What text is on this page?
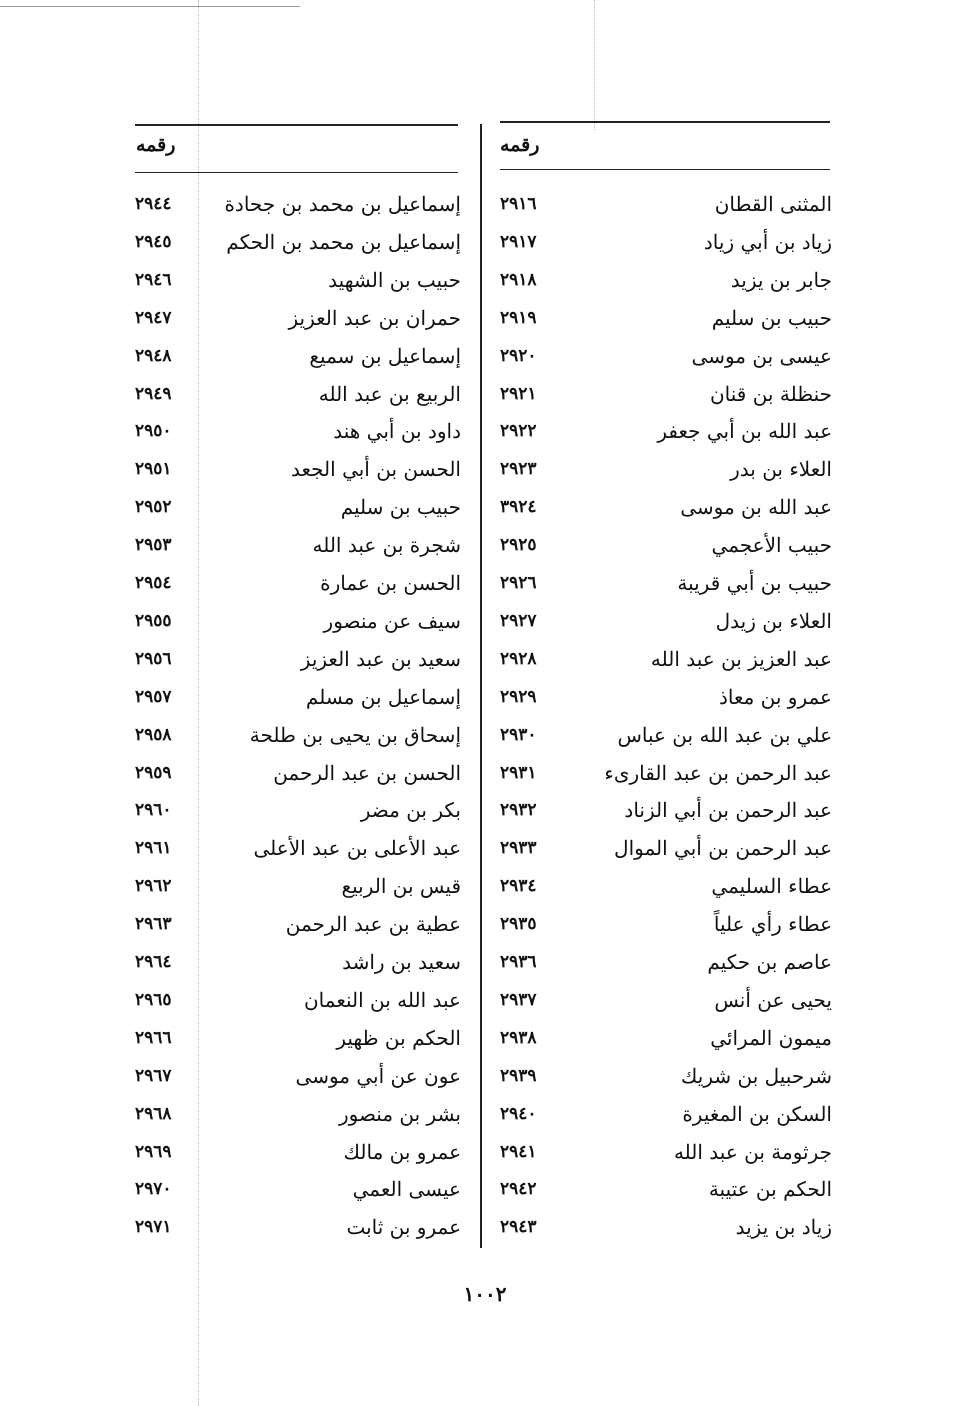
رقمه
رقمه
المثنى القطان
٢٩١٦
زياد بن أبي زياد
٢٩١٧
جابر بن يزيد
٢٩١٨
حبيب بن سليم
٢٩١٩
عيسى بن موسى
٢٩٢٠
حنظلة بن قنان
٢٩٢١
عبد الله بن أبي جعفر
٢٩٢٢
العلاء بن بدر
٢٩٢٣
عبد الله بن موسى
٣٩٢٤
حبيب الأعجمي
٢٩٢٥
حبيب بن أبي قريبة
٢٩٢٦
العلاء بن زيدل
٢٩٢٧
عبد العزيز بن عبد الله
٢٩٢٨
عمرو بن معاذ
٢٩٢٩
علي بن عبد الله بن عباس
٢٩٣٠
عبد الرحمن بن عبد القارىء
٢٩٣١
عبد الرحمن بن أبي الزناد
٢٩٣٢
عبد الرحمن بن أبي الموال
٢٩٣٣
عطاء السليمي
٢٩٣٤
عطاء رأي علياً
٢٩٣٥
عاصم بن حكيم
٢٩٣٦
يحيى عن أنس
٢٩٣٧
ميمون المرائي
٢٩٣٨
شرحبيل بن شريك
٢٩٣٩
السكن بن المغيرة
٢٩٤٠
جرثومة بن عبد الله
٢٩٤١
الحكم بن عتيبة
٢٩٤٢
زياد بن يزيد
٢٩٤٣
إسماعيل بن محمد بن جحادة
٢٩٤٤
إسماعيل بن محمد بن الحكم
٢٩٤٥
حبيب بن الشهيد
٢٩٤٦
حمران بن عبد العزيز
٢٩٤٧
إسماعيل بن سميع
٢٩٤٨
الربيع بن عبد الله
٢٩٤٩
داود بن أبي هند
٢٩٥٠
الحسن بن أبي الجعد
٢٩٥١
حبيب بن سليم
٢٩٥٢
شجرة بن عبد الله
٢٩٥٣
الحسن بن عمارة
٢٩٥٤
سيف عن منصور
٢٩٥٥
سعيد بن عبد العزيز
٢٩٥٦
إسماعيل بن مسلم
٢٩٥٧
إسحاق بن يحيى بن طلحة
٢٩٥٨
الحسن بن عبد الرحمن
٢٩٥٩
بكر بن مضر
٢٩٦٠
عبد الأعلى بن عبد الأعلى
٢٩٦١
قيس بن الربيع
٢٩٦٢
عطية بن عبد الرحمن
٢٩٦٣
سعيد بن راشد
٢٩٦٤
عبد الله بن النعمان
٢٩٦٥
الحكم بن ظهير
٢٩٦٦
عون عن أبي موسى
٢٩٦٧
بشر بن منصور
٢٩٦٨
عمرو بن مالك
٢٩٦٩
عيسى العمي
٢٩٧٠
عمرو بن ثابت
٢٩٧١
١٠٠٢
